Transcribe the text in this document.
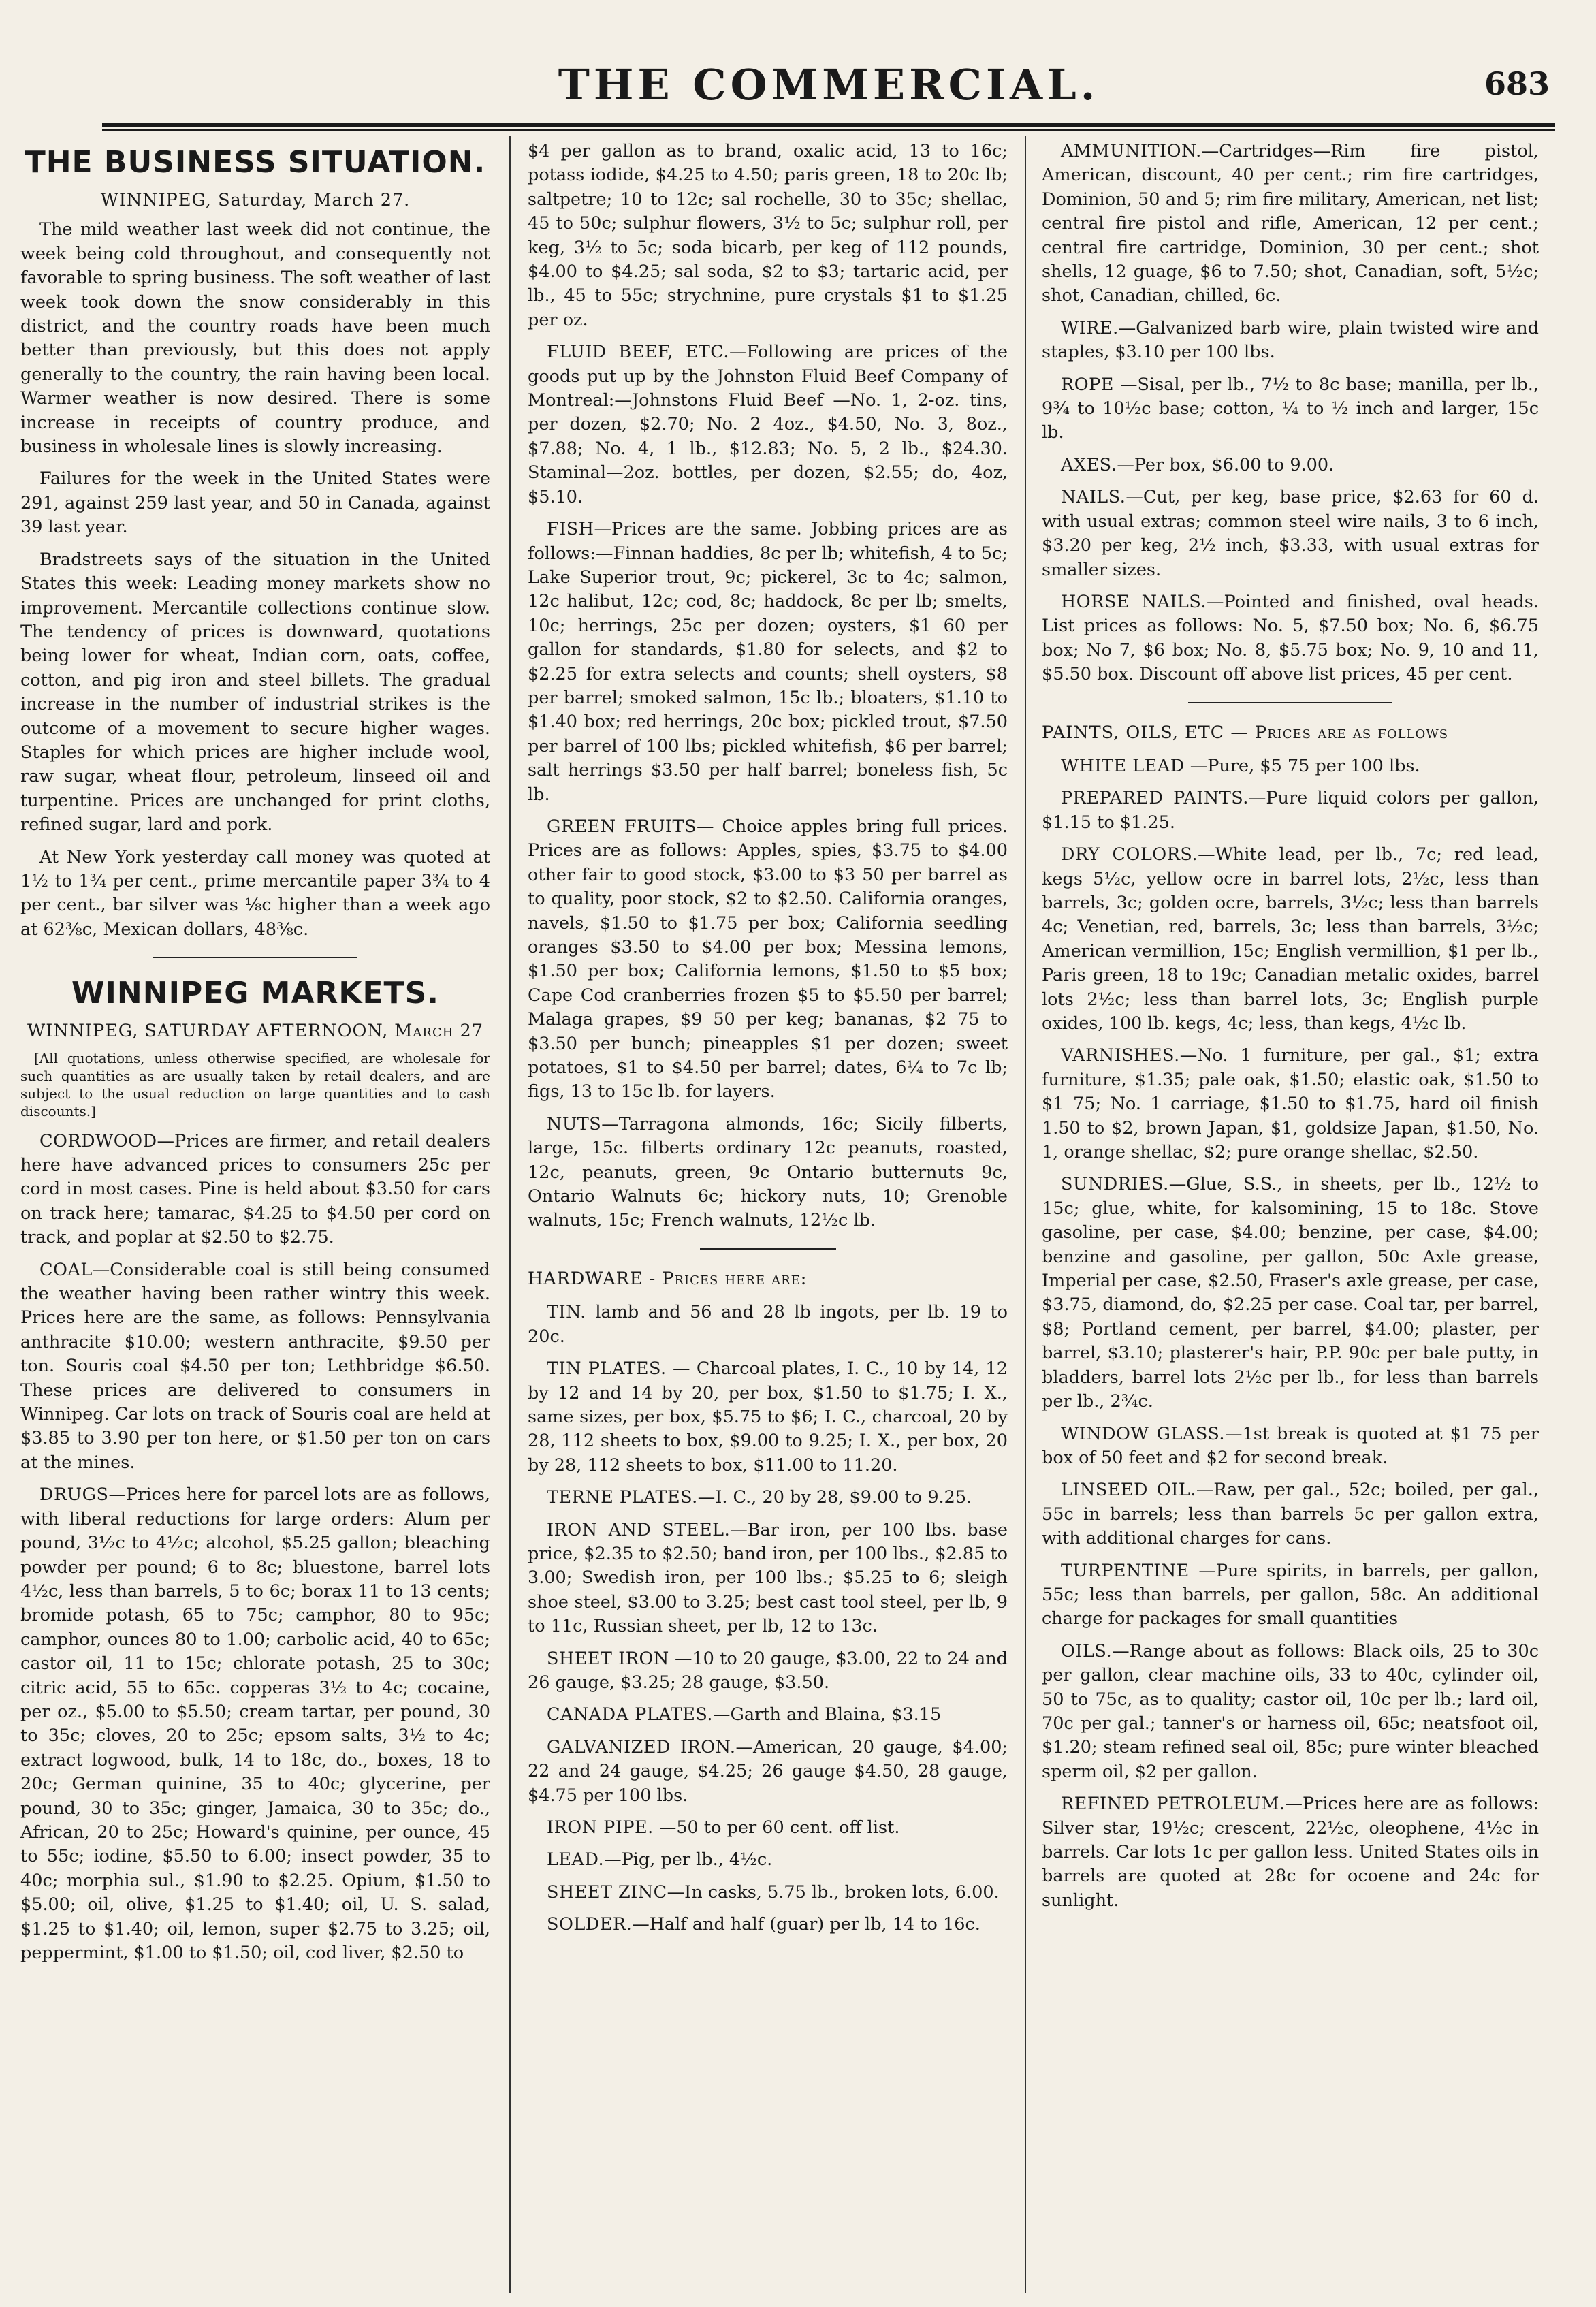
THE COMMERCIAL.	683
THE BUSINESS SITUATION.

WINNIPEG, Saturday, March 27.

The mild weather last week did not continue, the week being cold throughout, and consequently not favorable to spring business. The soft weather of last week took down the snow considerably in this district, and the country roads have been much better than previously, but this does not apply generally to the country, the rain having been local. Warmer weather is now desired. There is some increase in receipts of country produce, and business in wholesale lines is slowly increasing.

Failures for the week in the United States were 291, against 259 last year, and 50 in Canada, against 39 last year.

Bradstreets says of the situation in the United States this week: Leading money markets show no improvement. Mercantile collections continue slow. The tendency of prices is downward, quotations being lower for wheat, Indian corn, oats, coffee, cotton, and pig iron and steel billets. The gradual increase in the number of industrial strikes is the outcome of a movement to secure higher wages. Staples for which prices are higher include wool, raw sugar, wheat flour, petroleum, linseed oil and turpentine. Prices are unchanged for print cloths, refined sugar, lard and pork.

At New York yesterday call money was quoted at 1½ to 1¾ per cent., prime mercantile paper 3¾ to 4 per cent., bar silver was ⅛c higher than a week ago at 62⅜c, Mexican dollars, 48⅜c.

WINNIPEG MARKETS.

WINNIPEG, SATURDAY AFTERNOON, March 27

[All quotations, unless otherwise specified, are wholesale for such quantities as are usually taken by retail dealers, and are subject to the usual reduction on large quantities and to cash discounts.]

CORDWOOD—Prices are firmer, and retail dealers here have advanced prices to consumers 25c per cord in most cases. Pine is held about $3.50 for cars on track here; tamarac, $4.25 to $4.50 per cord on track, and poplar at $2.50 to $2.75.

COAL—Considerable coal is still being consumed the weather having been rather wintry this week. Prices here are the same, as follows: Pennsylvania anthracite $10.00; western anthracite, $9.50 per ton. Souris coal $4.50 per ton; Lethbridge $6.50. These prices are delivered to consumers in Winnipeg. Car lots on track of Souris coal are held at $3.85 to 3.90 per ton here, or $1.50 per ton on cars at the mines.

DRUGS—Prices here for parcel lots are as follows, with liberal reductions for large orders: Alum per pound, 3½c to 4½c; alcohol, $5.25 gallon; bleaching powder per pound; 6 to 8c; bluestone, barrel lots 4½c, less than barrels, 5 to 6c; borax 11 to 13 cents; bromide potash, 65 to 75c; camphor, 80 to 95c; camphor, ounces 80 to 1.00; carbolic acid, 40 to 65c; castor oil, 11 to 15c; chlorate potash, 25 to 30c; citric acid, 55 to 65c. copperas 3½ to 4c; cocaine, per oz., $5.00 to $5.50; cream tartar, per pound, 30 to 35c; cloves, 20 to 25c; epsom salts, 3½ to 4c; extract logwood, bulk, 14 to 18c, do., boxes, 18 to 20c; German quinine, 35 to 40c; glycerine, per pound, 30 to 35c; ginger, Jamaica, 30 to 35c; do., African, 20 to 25c; Howard's quinine, per ounce, 45 to 55c; iodine, $5.50 to 6.00; insect powder, 35 to 40c; morphia sul., $1.90 to $2.25. Opium, $1.50 to $5.00; oil, olive, $1.25 to $1.40; oil, U. S. salad, $1.25 to $1.40; oil, lemon, super $2.75 to 3.25; oil, peppermint, $1.00 to $1.50; oil, cod liver, $2.50 to

$4 per gallon as to brand, oxalic acid, 13 to 16c; potass iodide, $4.25 to 4.50; paris green, 18 to 20c lb; saltpetre; 10 to 12c; sal rochelle, 30 to 35c; shellac, 45 to 50c; sulphur flowers, 3½ to 5c; sulphur roll, per keg, 3½ to 5c; soda bicarb, per keg of 112 pounds, $4.00 to $4.25; sal soda, $2 to $3; tartaric acid, per lb., 45 to 55c; strychnine, pure crystals $1 to $1.25 per oz.

FLUID BEEF, ETC.—Following are prices of the goods put up by the Johnston Fluid Beef Company of Montreal:—Johnstons Fluid Beef —No. 1, 2-oz. tins, per dozen, $2.70; No. 2 4oz., $4.50, No. 3, 8oz., $7.88; No. 4, 1 lb., $12.83; No. 5, 2 lb., $24.30. Staminal—2oz. bottles, per dozen, $2.55; do, 4oz, $5.10.

FISH—Prices are the same. Jobbing prices are as follows:—Finnan haddies, 8c per lb; whitefish, 4 to 5c; Lake Superior trout, 9c; pickerel, 3c to 4c; salmon, 12c halibut, 12c; cod, 8c; haddock, 8c per lb; smelts, 10c; herrings, 25c per dozen; oysters, $1 60 per gallon for standards, $1.80 for selects, and $2 to $2.25 for extra selects and counts; shell oysters, $8 per barrel; smoked salmon, 15c lb.; bloaters, $1.10 to $1.40 box; red herrings, 20c box; pickled trout, $7.50 per barrel of 100 lbs; pickled whitefish, $6 per barrel; salt herrings $3.50 per half barrel; boneless fish, 5c lb.

GREEN FRUITS— Choice apples bring full prices. Prices are as follows: Apples, spies, $3.75 to $4.00 other fair to good stock, $3.00 to $3 50 per barrel as to quality, poor stock, $2 to $2.50. California oranges, navels, $1.50 to $1.75 per box; California seedling oranges $3.50 to $4.00 per box; Messina lemons, $1.50 per box; California lemons, $1.50 to $5 box; Cape Cod cranberries frozen $5 to $5.50 per barrel; Malaga grapes, $9 50 per keg; bananas, $2 75 to $3.50 per bunch; pineapples $1 per dozen; sweet potatoes, $1 to $4.50 per barrel; dates, 6¼ to 7c lb; figs, 13 to 15c lb. for layers.

NUTS—Tarragona almonds, 16c; Sicily filberts, large, 15c. filberts ordinary 12c peanuts, roasted, 12c, peanuts, green, 9c Ontario butternuts 9c, Ontario Walnuts 6c; hickory nuts, 10; Grenoble walnuts, 15c; French walnuts, 12½c lb.

HARDWARE - Prices here are:

TIN. lamb and 56 and 28 lb ingots, per lb. 19 to 20c.

TIN PLATES. — Charcoal plates, I. C., 10 by 14, 12 by 12 and 14 by 20, per box, $1.50 to $1.75; I. X., same sizes, per box, $5.75 to $6; I. C., charcoal, 20 by 28, 112 sheets to box, $9.00 to 9.25; I. X., per box, 20 by 28, 112 sheets to box, $11.00 to 11.20.

TERNE PLATES.—I. C., 20 by 28, $9.00 to 9.25.

IRON AND STEEL.—Bar iron, per 100 lbs. base price, $2.35 to $2.50; band iron, per 100 lbs., $2.85 to 3.00; Swedish iron, per 100 lbs.; $5.25 to 6; sleigh shoe steel, $3.00 to 3.25; best cast tool steel, per lb, 9 to 11c, Russian sheet, per lb, 12 to 13c.

SHEET IRON —10 to 20 gauge, $3.00, 22 to 24 and 26 gauge, $3.25; 28 gauge, $3.50.

CANADA PLATES.—Garth and Blaina, $3.15

GALVANIZED IRON.—American, 20 gauge, $4.00; 22 and 24 gauge, $4.25; 26 gauge $4.50, 28 gauge, $4.75 per 100 lbs.

IRON PIPE. —50 to per 60 cent. off list.

LEAD.—Pig, per lb., 4½c.

SHEET ZINC—In casks, 5.75 lb., broken lots, 6.00.

SOLDER.—Half and half (guar) per lb, 14 to 16c.

AMMUNITION.—Cartridges—Rim fire pistol, American, discount, 40 per cent.; rim fire cartridges, Dominion, 50 and 5; rim fire military, American, net list; central fire pistol and rifle, American, 12 per cent.; central fire cartridge, Dominion, 30 per cent.; shot shells, 12 guage, $6 to 7.50; shot, Canadian, soft, 5½c; shot, Canadian, chilled, 6c.

WIRE.—Galvanized barb wire, plain twisted wire and staples, $3.10 per 100 lbs.

ROPE —Sisal, per lb., 7½ to 8c base; manilla, per lb., 9¾ to 10½c base; cotton, ¼ to ½ inch and larger, 15c lb.

AXES.—Per box, $6.00 to 9.00.

NAILS.—Cut, per keg, base price, $2.63 for 60 d. with usual extras; common steel wire nails, 3 to 6 inch, $3.20 per keg, 2½ inch, $3.33, with usual extras for smaller sizes.

HORSE NAILS.—Pointed and finished, oval heads. List prices as follows: No. 5, $7.50 box; No. 6, $6.75 box; No 7, $6 box; No. 8, $5.75 box; No. 9, 10 and 11, $5.50 box. Discount off above list prices, 45 per cent.

PAINTS, OILS, ETC — Prices are as follows

WHITE LEAD —Pure, $5 75 per 100 lbs.

PREPARED PAINTS.—Pure liquid colors per gallon, $1.15 to $1.25.

DRY COLORS.—White lead, per lb., 7c; red lead, kegs 5½c, yellow ocre in barrel lots, 2½c, less than barrels, 3c; golden ocre, barrels, 3½c; less than barrels 4c; Venetian, red, barrels, 3c; less than barrels, 3½c; American vermillion, 15c; English vermillion, $1 per lb., Paris green, 18 to 19c; Canadian metalic oxides, barrel lots 2½c; less than barrel lots, 3c; English purple oxides, 100 lb. kegs, 4c; less, than kegs, 4½c lb.

VARNISHES.—No. 1 furniture, per gal., $1; extra furniture, $1.35; pale oak, $1.50; elastic oak, $1.50 to $1 75; No. 1 carriage, $1.50 to $1.75, hard oil finish 1.50 to $2, brown Japan, $1, goldsize Japan, $1.50, No. 1, orange shellac, $2; pure orange shellac, $2.50.

SUNDRIES.—Glue, S.S., in sheets, per lb., 12½ to 15c; glue, white, for kalsomining, 15 to 18c. Stove gasoline, per case, $4.00; benzine, per case, $4.00; benzine and gasoline, per gallon, 50c Axle grease, Imperial per case, $2.50, Fraser's axle grease, per case, $3.75, diamond, do, $2.25 per case. Coal tar, per barrel, $8; Portland cement, per barrel, $4.00; plaster, per barrel, $3.10; plasterer's hair, P.P. 90c per bale putty, in bladders, barrel lots 2½c per lb., for less than barrels per lb., 2¾c.

WINDOW GLASS.—1st break is quoted at $1 75 per box of 50 feet and $2 for second break.

LINSEED OIL.—Raw, per gal., 52c; boiled, per gal., 55c in barrels; less than barrels 5c per gallon extra, with additional charges for cans.

TURPENTINE —Pure spirits, in barrels, per gallon, 55c; less than barrels, per gallon, 58c. An additional charge for packages for small quantities

OILS.—Range about as follows: Black oils, 25 to 30c per gallon, clear machine oils, 33 to 40c, cylinder oil, 50 to 75c, as to quality; castor oil, 10c per lb.; lard oil, 70c per gal.; tanner's or harness oil, 65c; neatsfoot oil, $1.20; steam refined seal oil, 85c; pure winter bleached sperm oil, $2 per gallon.

REFINED PETROLEUM.—Prices here are as follows: Silver star, 19½c; crescent, 22½c, oleophene, 4½c in barrels. Car lots 1c per gallon less. United States oils in barrels are quoted at 28c for ocoene and 24c for sunlight.
